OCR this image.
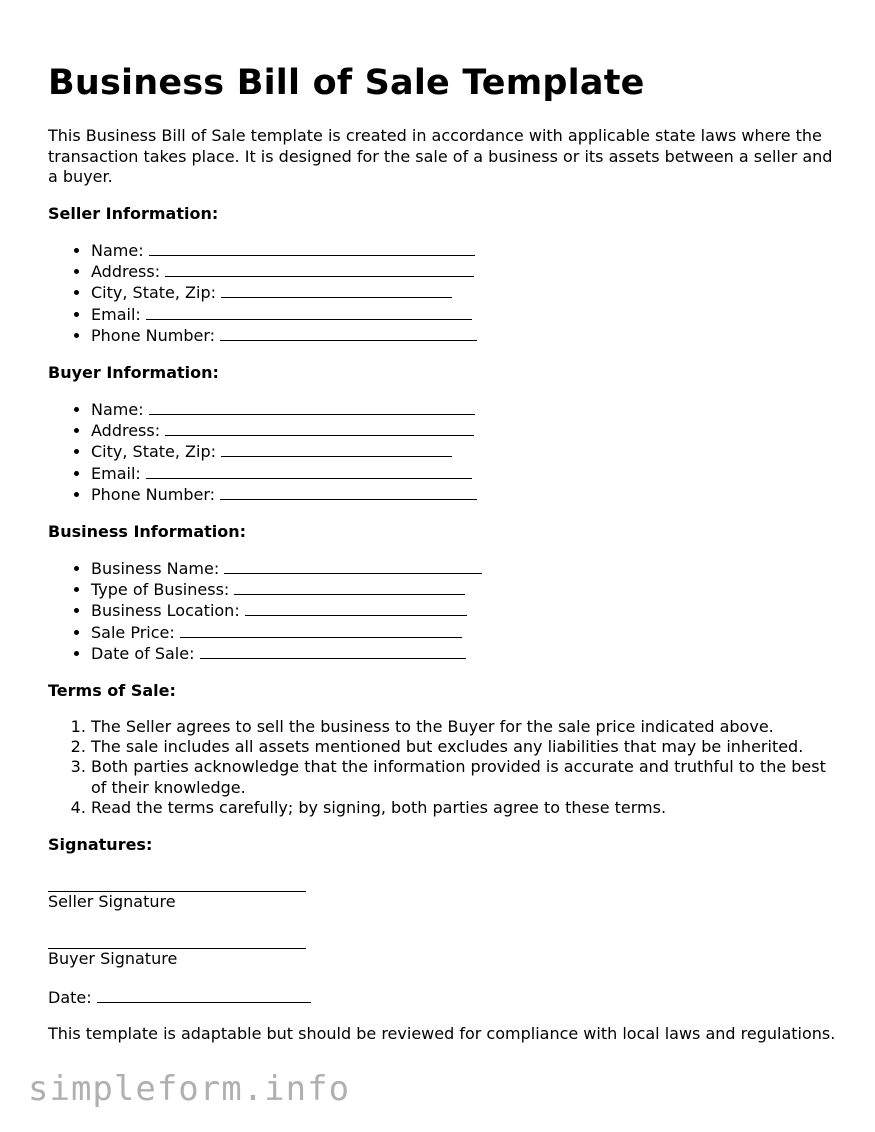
Business Bill of Sale Template

This Business Bill of Sale template is created in accordance with applicable state laws where the transaction takes place. It is designed for the sale of a business or its assets between a seller and a buyer.

Seller Information:
• Name:
• Address:
• City, State, Zip:
• Email:
• Phone Number:
Buyer Information:
• Name:
• Address:
• City, State, Zip:
• Email:
• Phone Number:
Business Information:
• Business Name:
• Type of Business:
• Business Location:
• Sale Price:
• Date of Sale:
Terms of Sale:
1. The Seller agrees to sell the business to the Buyer for the sale price indicated above.
2. The sale includes all assets mentioned but excludes any liabilities that may be inherited.
3. Both parties acknowledge that the information provided is accurate and truthful to the best of their knowledge.
4. Read the terms carefully; by signing, both parties agree to these terms.
Signatures:
Seller Signature
Buyer Signature
Date:

This template is adaptable but should be reviewed for compliance with local laws and regulations.

simpleform.info
